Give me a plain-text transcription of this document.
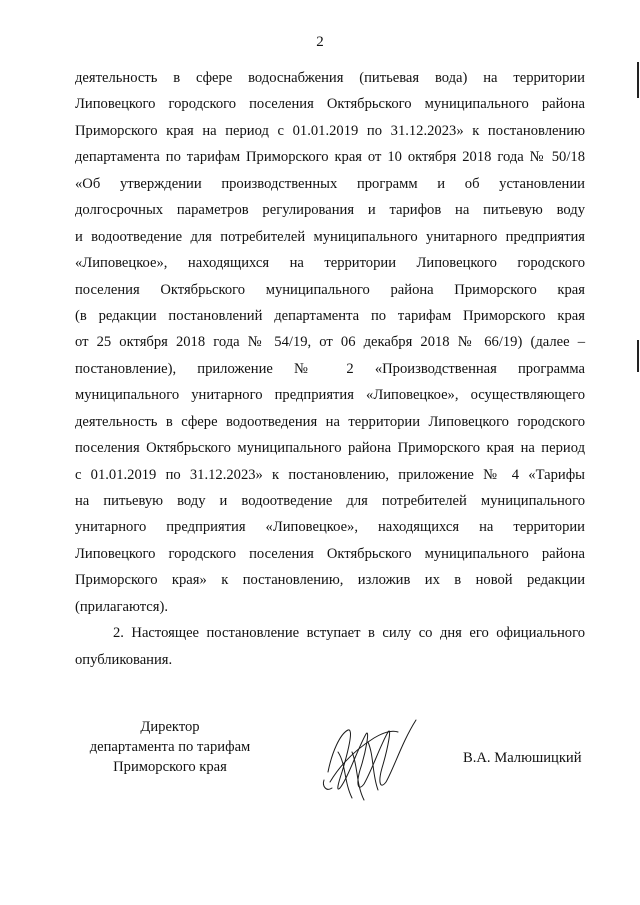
2
деятельность в сфере водоснабжения (питьевая вода) на территории
Липовецкого городского поселения Октябрьского муниципального района
Приморского края на период с 01.01.2019 по 31.12.2023» к постановлению
департамента по тарифам Приморского края от 10 октября 2018 года № 50/18
«Об утверждении производственных программ и об установлении
долгосрочных параметров регулирования и тарифов на питьевую воду
и водоотведение для потребителей муниципального унитарного предприятия
«Липовецкое», находящихся на территории Липовецкого городского
поселения Октябрьского муниципального района Приморского края
(в редакции постановлений департамента по тарифам Приморского края
от 25 октября 2018 года № 54/19, от 06 декабря 2018 № 66/19) (далее –
постановление), приложение № 2 «Производственная программа
муниципального унитарного предприятия «Липовецкое», осуществляющего
деятельность в сфере водоотведения на территории Липовецкого городского
поселения Октябрьского муниципального района Приморского края на период
с 01.01.2019 по 31.12.2023» к постановлению, приложение № 4 «Тарифы
на питьевую воду и водоотведение для потребителей муниципального
унитарного предприятия «Липовецкое», находящихся на территории
Липовецкого городского поселения Октябрьского муниципального района
Приморского края» к постановлению, изложив их в новой редакции
(прилагаются).
2. Настоящее постановление вступает в силу со дня его официального
опубликования.
Директор
департамента по тарифам
Приморского края
В.А. Малюшицкий
